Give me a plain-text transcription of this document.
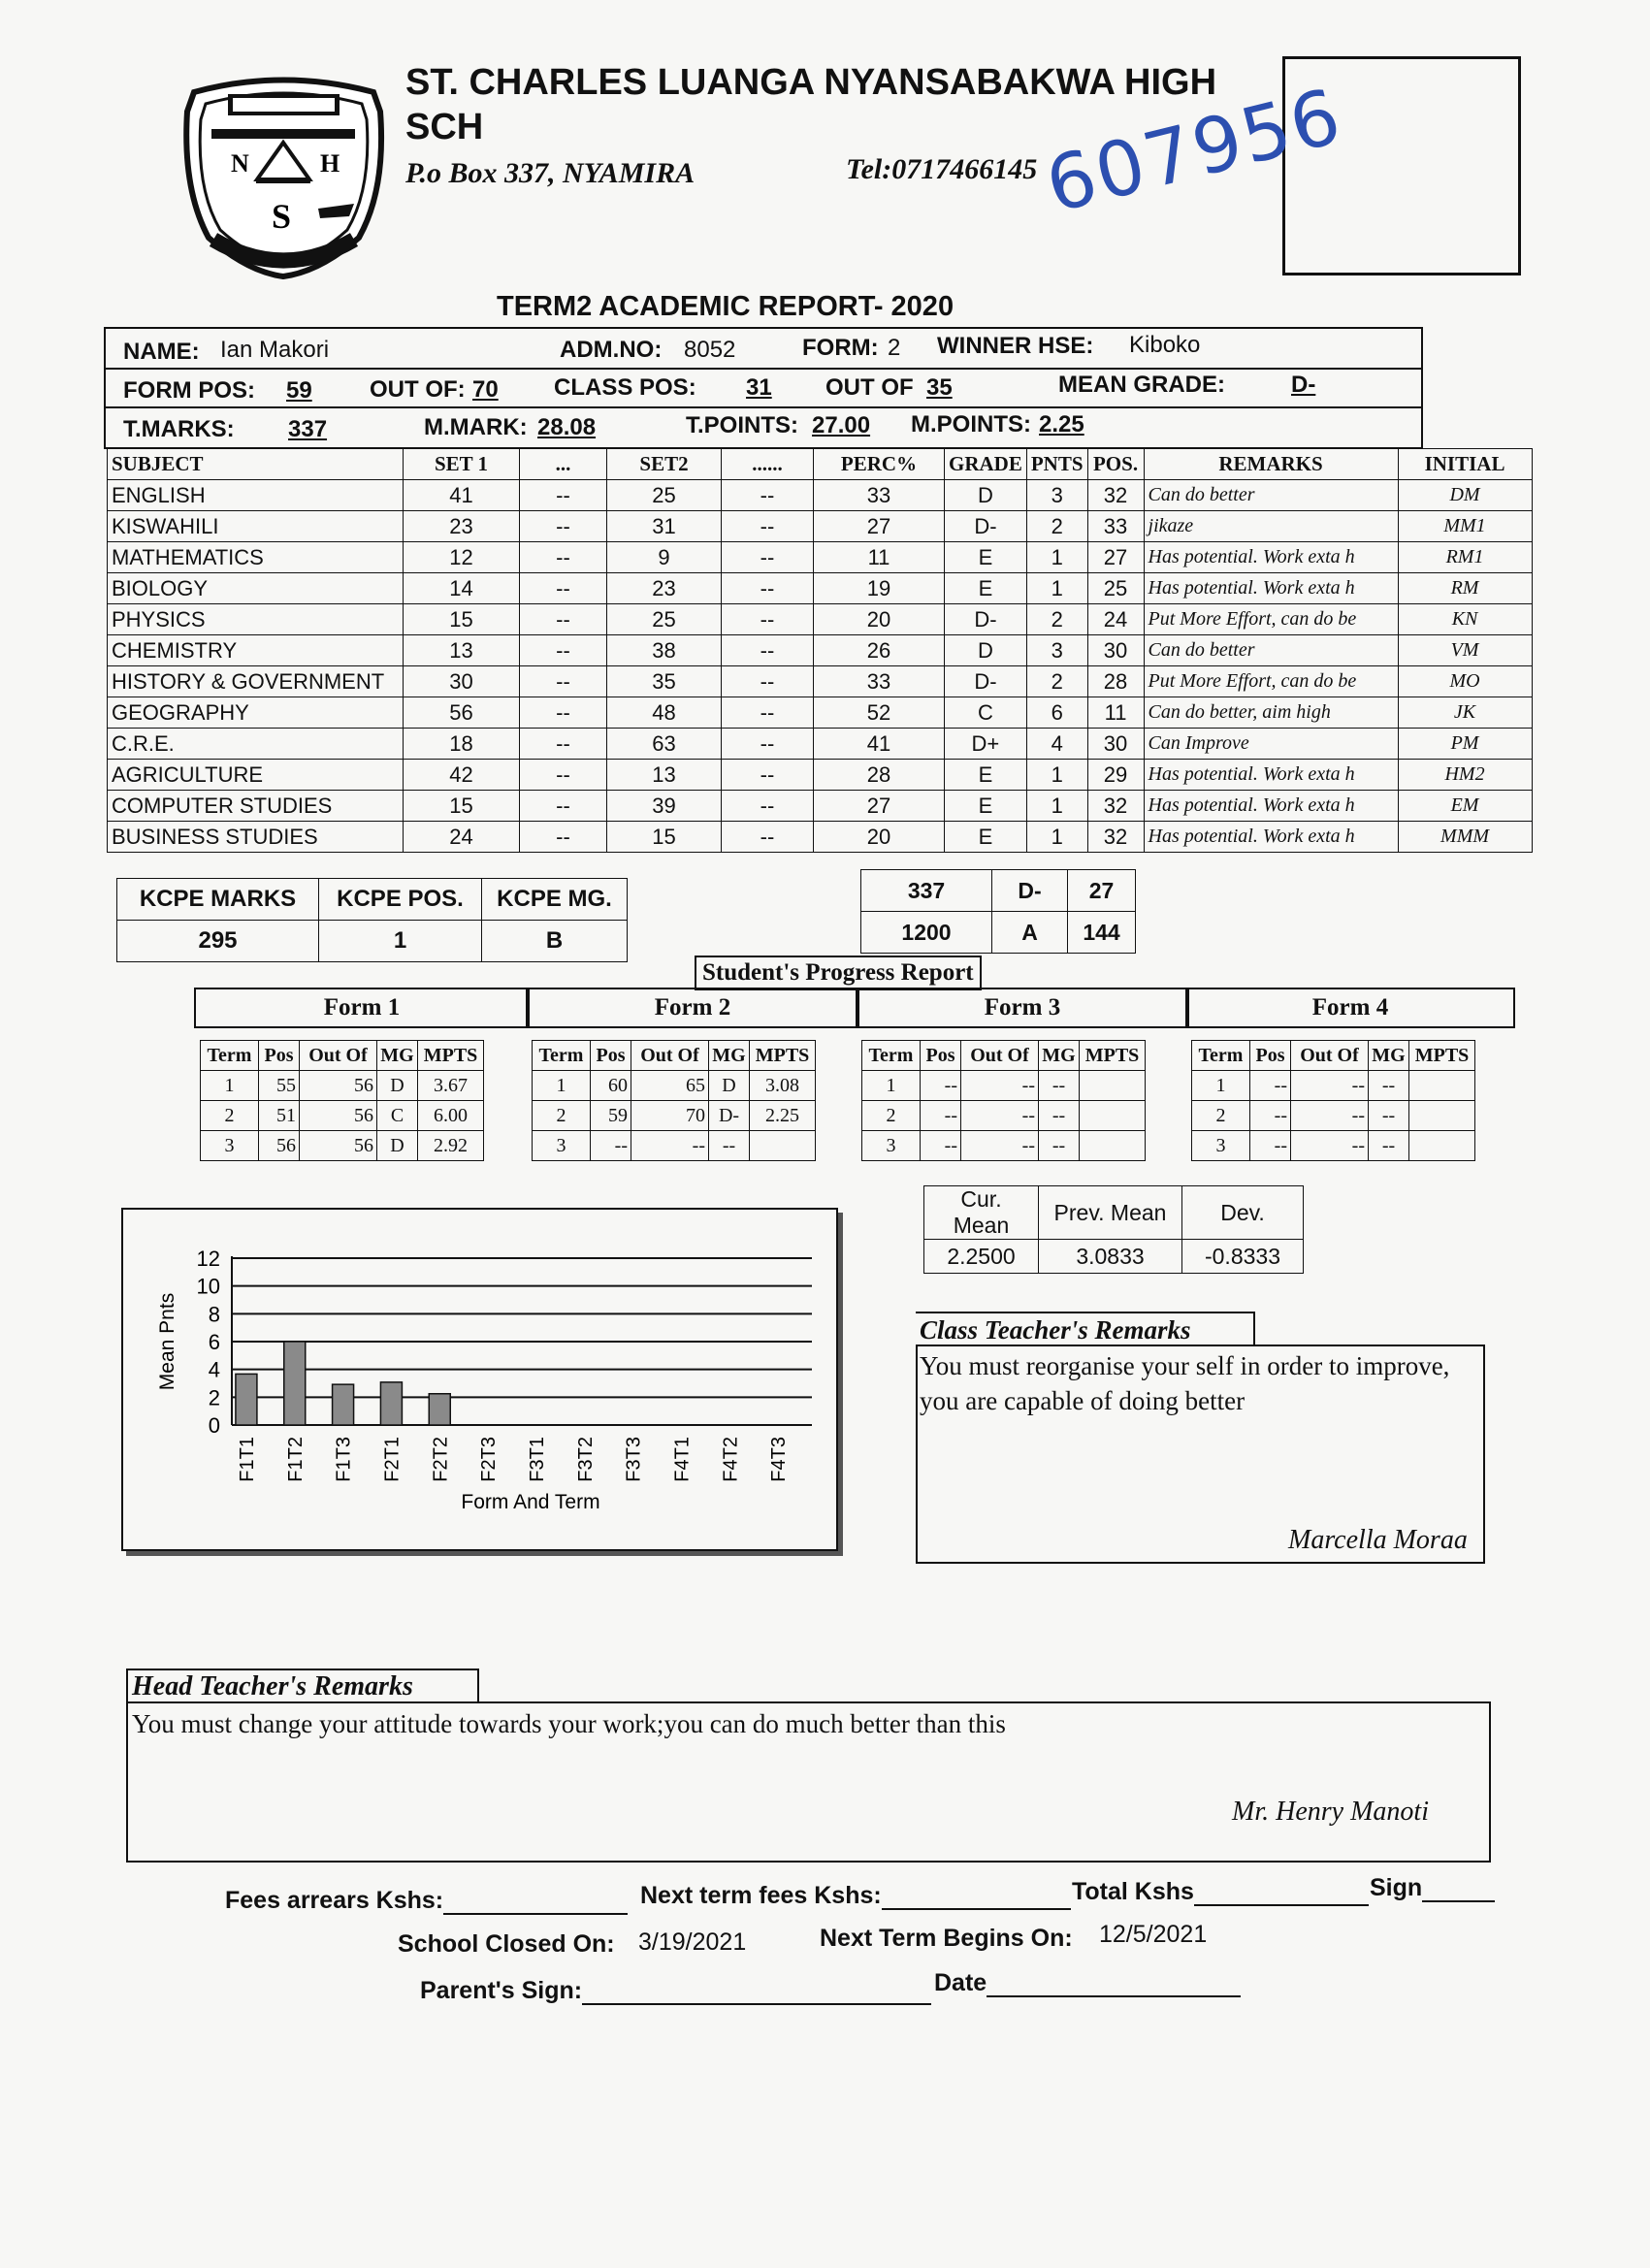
N	H
S
ST. CHARLES LUANGA NYANSABAKWA HIGH SCH
P.o Box 337, NYAMIRA	Tel:0717466145 607956
TERM2 ACADEMIC REPORT- 2020
NAME: Ian Makori	ADM.NO: 8052	FORM: 2 WINNER HSE: Kiboko
FORM POS: 59 OUT OF: 70 CLASS POS: 31 OUT OF 35	MEAN GRADE:	D-
T.MARKS: 337	M.MARK: 28.08	T.POINTS: 27.00 M.POINTS: 2.25
SUBJECT	SET 1	...	SET2	......	PERC%	GRADE	PNTS	POS.	REMARKS	INITIAL
ENGLISH	41	--	25	--	33	D	3	32	Can do better	DM
KISWAHILI	23	--	31	--	27	D-	2	33	jikaze	MM1
MATHEMATICS	12	--	9	--	11	E	1	27	Has potential. Work exta h	RM1
BIOLOGY	14	--	23	--	19	E	1	25	Has potential. Work exta h	RM
PHYSICS	15	--	25	--	20	D-	2	24	Put More Effort, can do be	KN
CHEMISTRY	13	--	38	--	26	D	3	30	Can do better	VM
HISTORY & GOVERNMENT	30	--	35	--	33	D-	2	28	Put More Effort, can do be	MO
GEOGRAPHY	56	--	48	--	52	C	6	11	Can do better, aim high	JK
C.R.E.	18	--	63	--	41	D+	4	30	Can Improve	PM
AGRICULTURE	42	--	13	--	28	E	1	29	Has potential. Work exta h	HM2
COMPUTER STUDIES	15	--	39	--	27	E	1	32	Has potential. Work exta h	EM
BUSINESS STUDIES	24	--	15	--	20	E	1	32	Has potential. Work exta h	MMM
337	D-	27
1200	A	144
KCPE MARKS	KCPE POS.	KCPE MG.
295	1	B
Student's Progress Report
Form 1
Term	Pos	Out Of	MG	MPTS
1	55	56	D	3.67
2	51	56	C	6.00
3	56	56	D	2.92
Form 2
Term	Pos	Out Of	MG	MPTS
1	60	65	D	3.08
2	59	70	D-	2.25
3	--	--	--	
Form 3
Term	Pos	Out Of	MG	MPTS
1	--	--	--	
2	--	--	--	
3	--	--	--	
Form 4
Term	Pos	Out Of	MG	MPTS
1	--	--	--	
2	--	--	--	
3	--	--	--	
Cur. Mean	Prev. Mean	Dev.
2.2500	3.0833	-0.8333
0
2
4
6
8
10
12
Mean Pnts
F1T1 F1T2 F1T3 F2T1 F2T2 F2T3 F3T1 F3T2 F3T3 F4T1 F4T2 F4T3
Form And Term
Class Teacher's Remarks
You must reorganise your self in order to improve, you are capable of doing better
Marcella Moraa
Head Teacher's Remarks
You must change your attitude towards your work;you can do much better than this
Mr. Henry Manoti
Fees arrears Kshs:	Next term fees Kshs:	Total Kshs	Sign
School Closed On: 3/19/2021	Next Term Begins On: 12/5/2021
Parent's Sign:	Date
